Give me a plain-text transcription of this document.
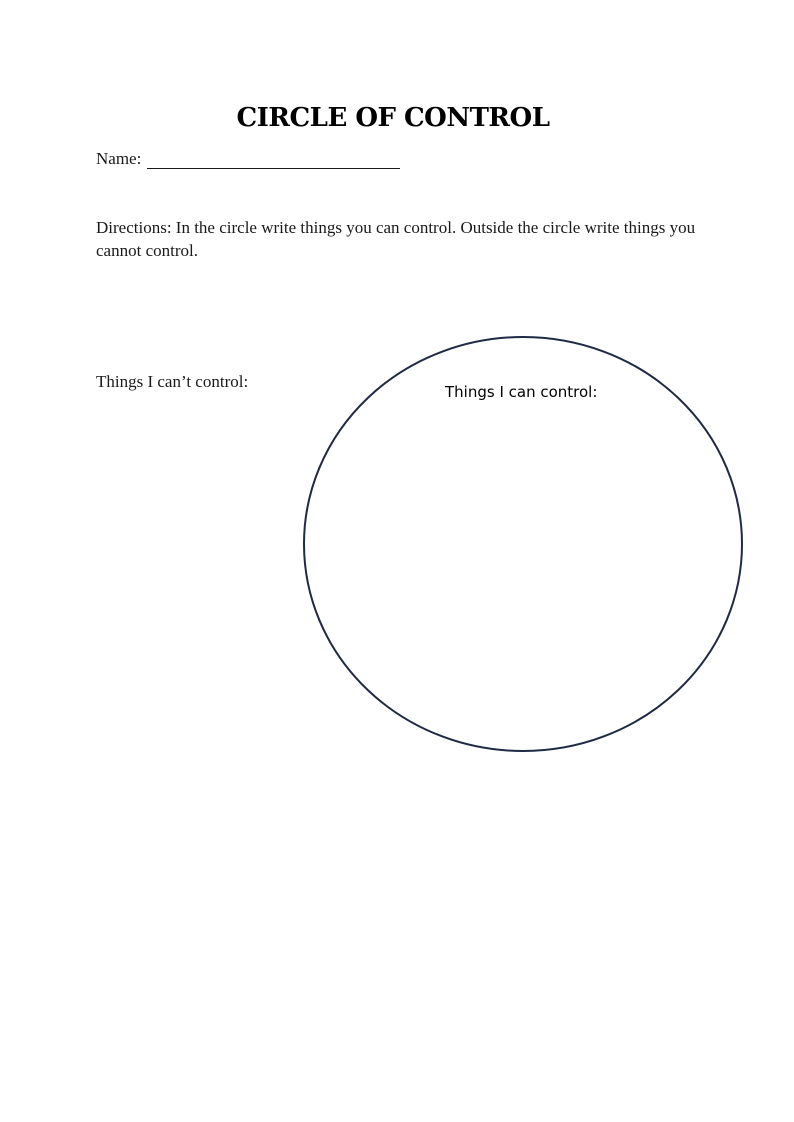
CIRCLE OF CONTROL
Name:

Directions: In the circle write things you can control. Outside the circle write things you cannot control.

Things I can’t control:
Things I can control:
